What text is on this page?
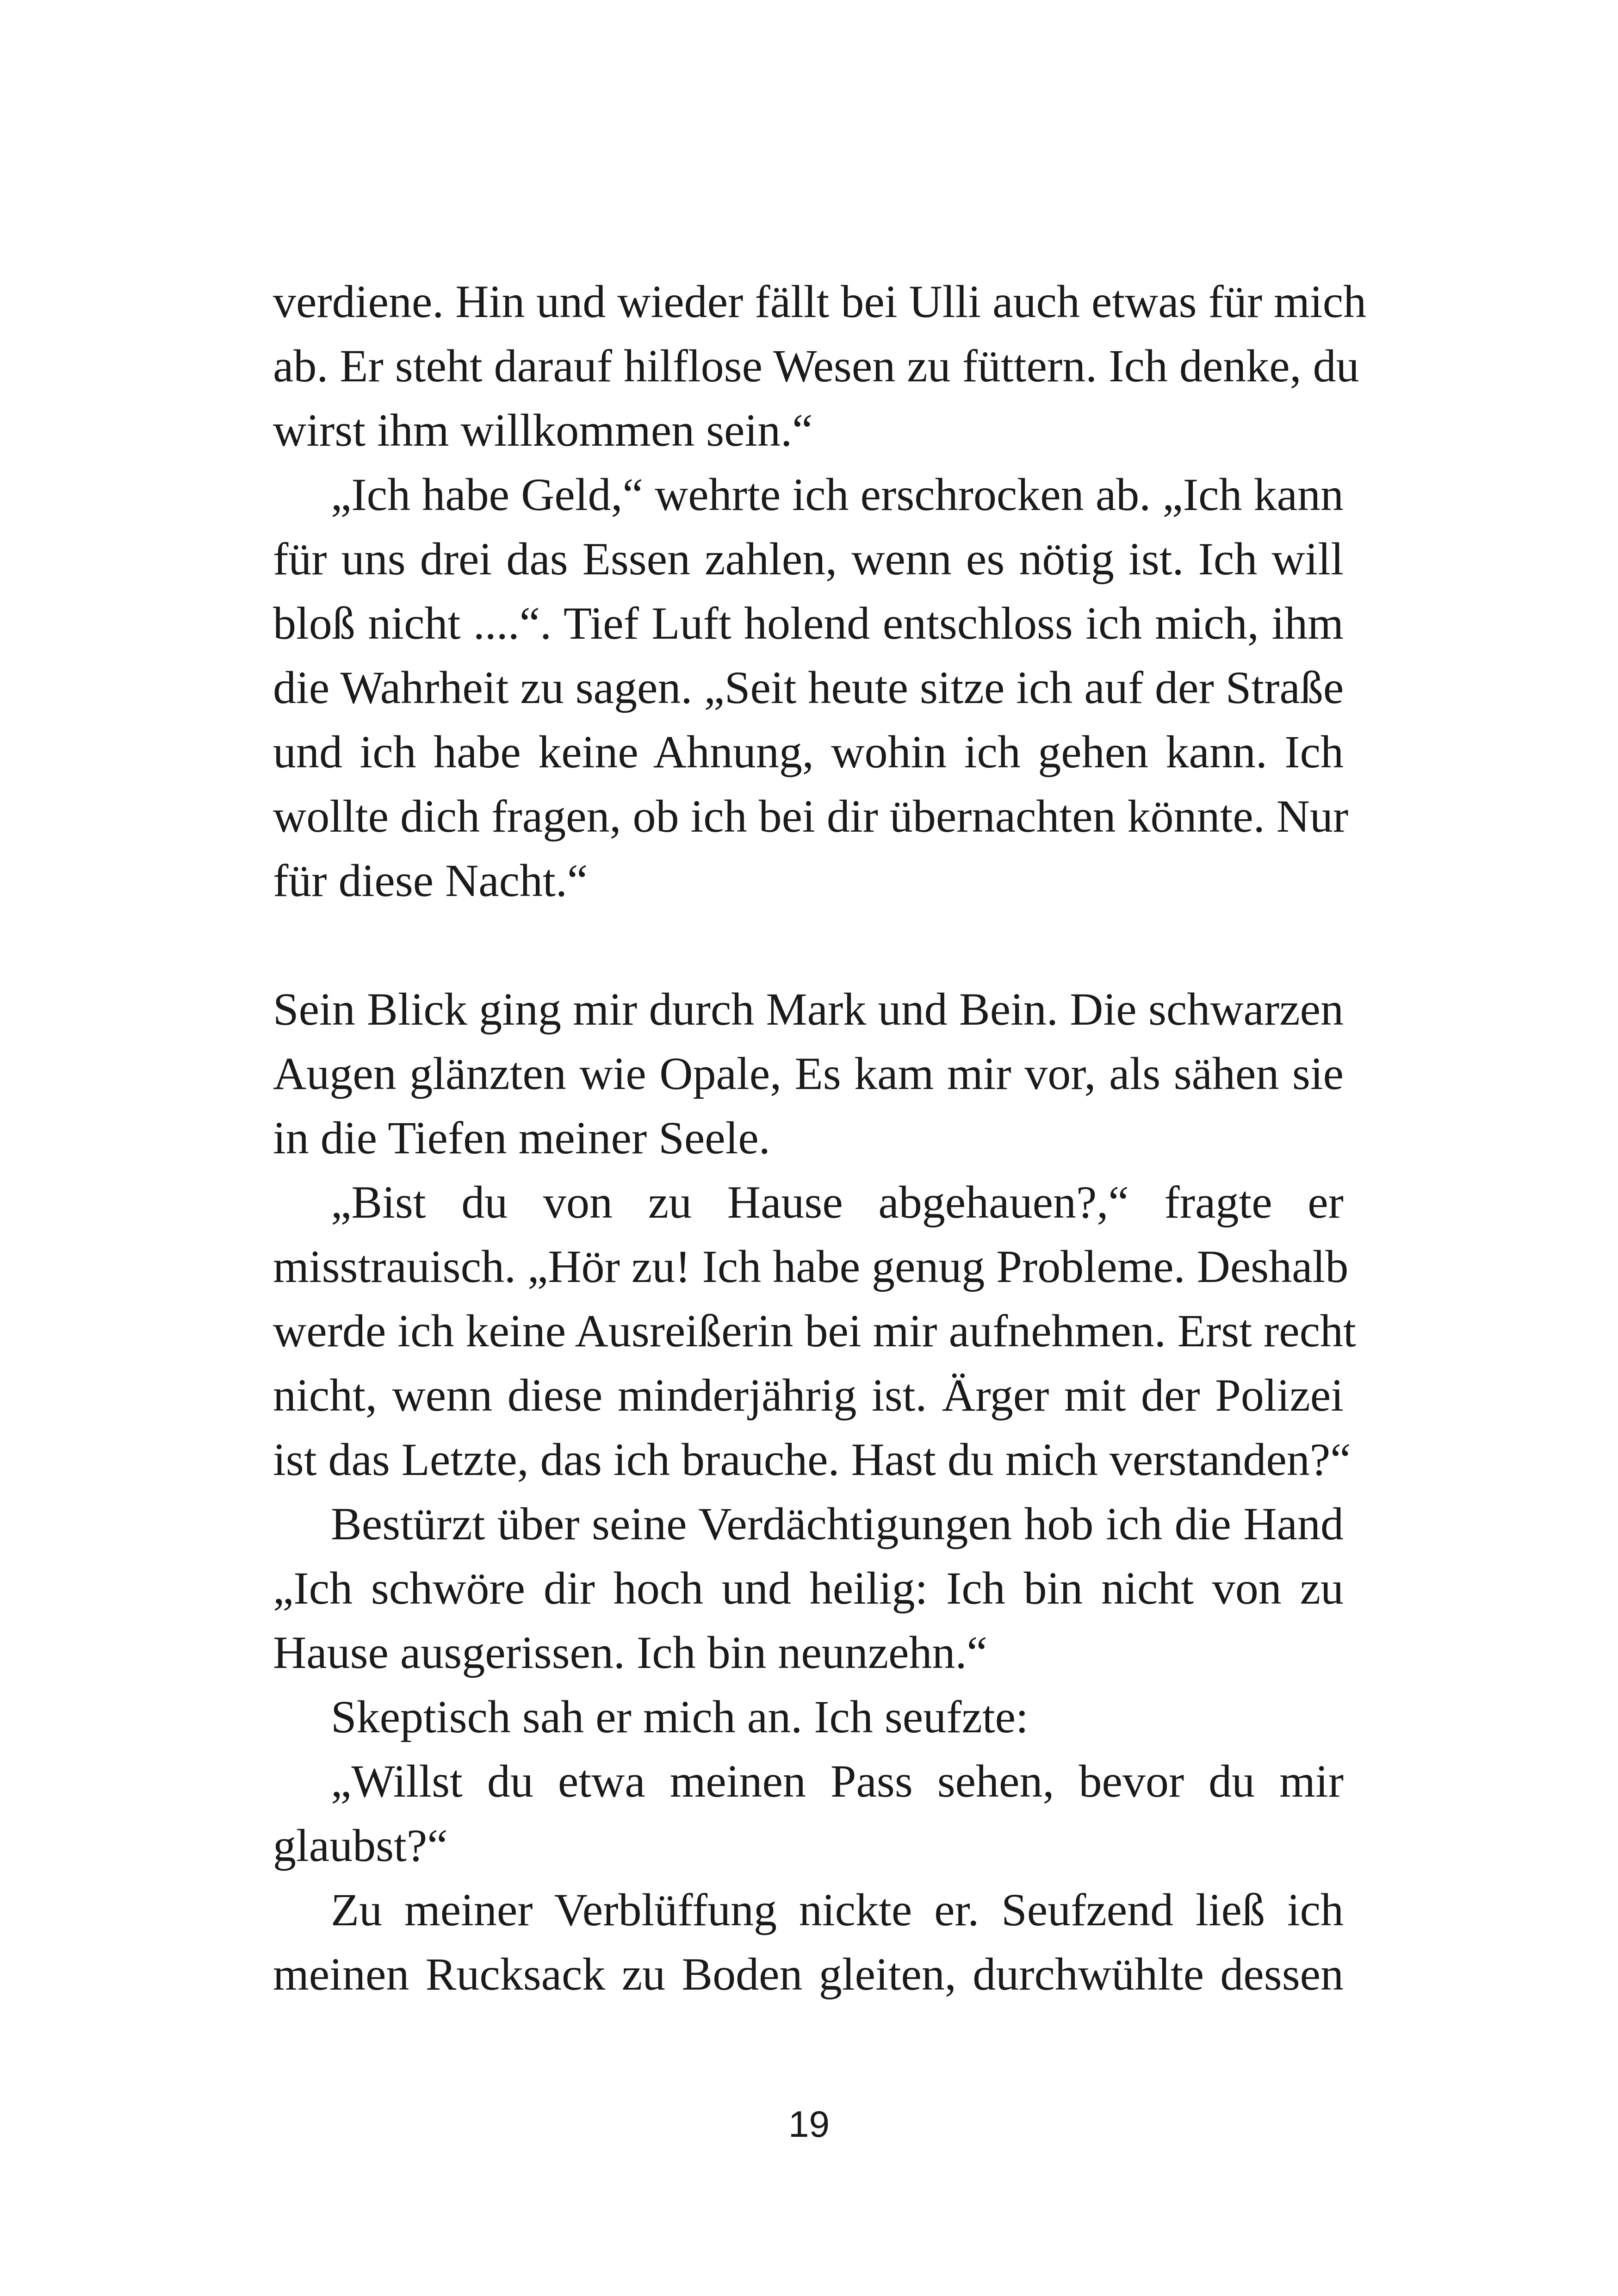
verdiene. Hin und wieder fällt bei Ulli auch etwas für mich
ab. Er steht darauf hilflose Wesen zu füttern. Ich denke, du
wirst ihm willkommen sein.“
„Ich habe Geld,“ wehrte ich erschrocken ab. „Ich kann
für uns drei das Essen zahlen, wenn es nötig ist. Ich will
bloß nicht ....“. Tief Luft holend entschloss ich mich, ihm
die Wahrheit zu sagen. „Seit heute sitze ich auf der Straße
und ich habe keine Ahnung, wohin ich gehen kann. Ich
wollte dich fragen, ob ich bei dir übernachten könnte. Nur
für diese Nacht.“
Sein Blick ging mir durch Mark und Bein. Die schwarzen
Augen glänzten wie Opale, Es kam mir vor, als sähen sie
in die Tiefen meiner Seele.
„Bist du von zu Hause abgehauen?,“ fragte er
misstrauisch. „Hör zu! Ich habe genug Probleme. Deshalb
werde ich keine Ausreißerin bei mir aufnehmen. Erst recht
nicht, wenn diese minderjährig ist. Ärger mit der Polizei
ist das Letzte, das ich brauche. Hast du mich verstanden?“
Bestürzt über seine Verdächtigungen hob ich die Hand
„Ich schwöre dir hoch und heilig: Ich bin nicht von zu
Hause ausgerissen. Ich bin neunzehn.“
Skeptisch sah er mich an. Ich seufzte:
„Willst du etwa meinen Pass sehen, bevor du mir
glaubst?“
Zu meiner Verblüffung nickte er. Seufzend ließ ich
meinen Rucksack zu Boden gleiten, durchwühlte dessen
19
